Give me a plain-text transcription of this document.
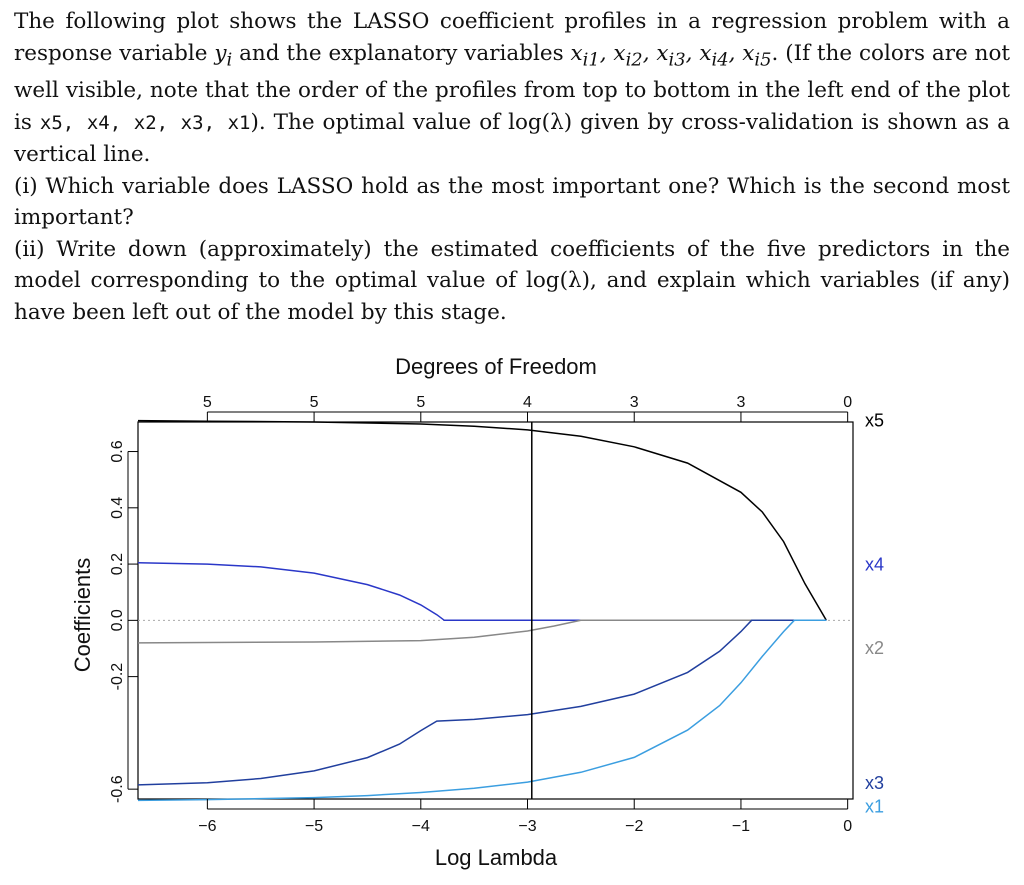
The following plot shows the LASSO coefficient profiles in a regression problem with a response variable $y_i$ and the explanatory variables $x_{i1}$, $x_{i2}$, $x_{i3}$, $x_{i4}$, $x_{i5}$. (If the colors are not well visible, note that the order of the profiles from top to bottom in the left end of the plot is x5, x4, x2, x3, x1). The optimal value of log(λ) given by cross-validation is shown as a vertical line.

(i) Which variable does LASSO hold as the most important one? Which is the second most important?

(ii) Write down (approximately) the estimated coefficients of the five predictors in the model corresponding to the optimal value of log(λ), and explain which variables (if any) have been left out of the model by this stage.

−6	−5	−4	−3	−2	−1	0
5	5	5	4	3	3	0
-0.6
-0.2
0.0
0.2
0.4
0.6
x5
x4
x2
x3
x1
Degrees of Freedom
Log Lambda
Coefficients
